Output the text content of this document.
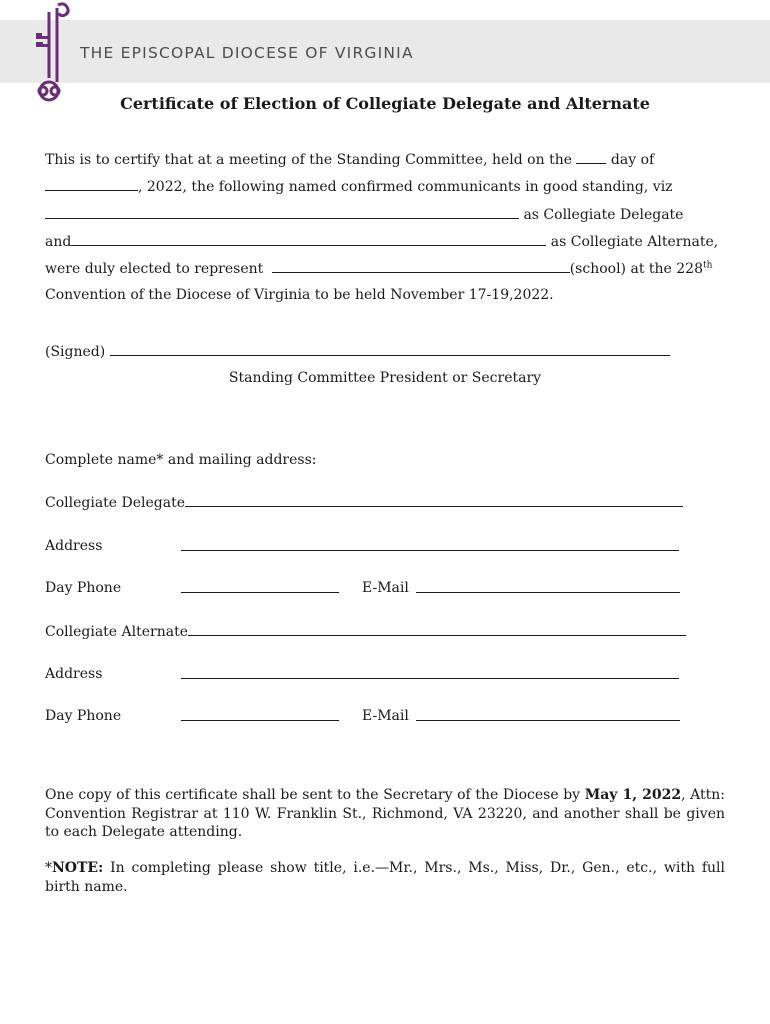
THE EPISCOPAL DIOCESE OF VIRGINIA
Certificate of Election of Collegiate Delegate and Alternate
This is to certify that at a meeting of the Standing Committee, held on the	day of
, 2022, the following named confirmed communicants in good standing, viz
as Collegiate Delegate
and	as Collegiate Alternate,
were duly elected to represent	(school) at the 228th
Convention of the Diocese of Virginia to be held November 17-19,2022.
(Signed)
Standing Committee President or Secretary
Complete name* and mailing address:
Collegiate Delegate
Address
Day Phone	E-Mail
Collegiate Alternate
Address
Day Phone	E-Mail

One copy of this certificate shall be sent to the Secretary of the Diocese by May 1, 2022, Attn: Convention Registrar at 110 W. Franklin St., Richmond, VA 23220, and another shall be given to each Delegate attending.

*NOTE: In completing please show title, i.e.—Mr., Mrs., Ms., Miss, Dr., Gen., etc., with full birth name.
